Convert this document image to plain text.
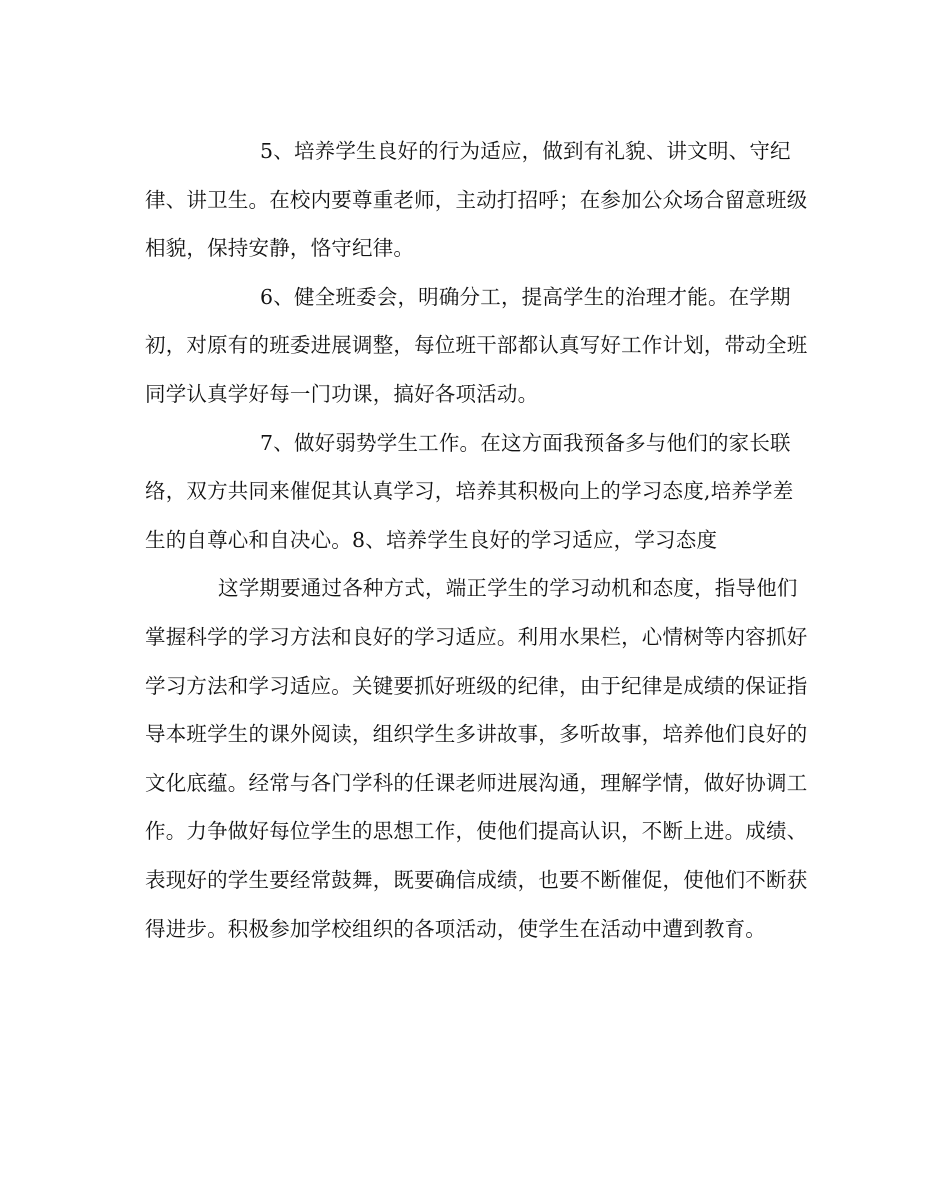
5、培养学生良好的行为适应，做到有礼貌、讲文明、守纪律、讲卫生。在校内要尊重老师，主动打招呼；在参加公众场合留意班级相貌，保持安静，恪守纪律。

6、健全班委会，明确分工，提高学生的治理才能。在学期初，对原有的班委进展调整，每位班干部都认真写好工作计划，带动全班同学认真学好每一门功课，搞好各项活动。

7、做好弱势学生工作。在这方面我预备多与他们的家长联络，双方共同来催促其认真学习，培养其积极向上的学习态度,培养学差生的自尊心和自决心。8、培养学生良好的学习适应，学习态度

这学期要通过各种方式，端正学生的学习动机和态度，指导他们掌握科学的学习方法和良好的学习适应。利用水果栏，心情树等内容抓好学习方法和学习适应。关键要抓好班级的纪律，由于纪律是成绩的保证指导本班学生的课外阅读，组织学生多讲故事，多听故事，培养他们良好的文化底蕴。经常与各门学科的任课老师进展沟通，理解学情，做好协调工作。力争做好每位学生的思想工作，使他们提高认识，不断上进。成绩、表现好的学生要经常鼓舞，既要确信成绩，也要不断催促，使他们不断获得进步。积极参加学校组织的各项活动，使学生在活动中遭到教育。
